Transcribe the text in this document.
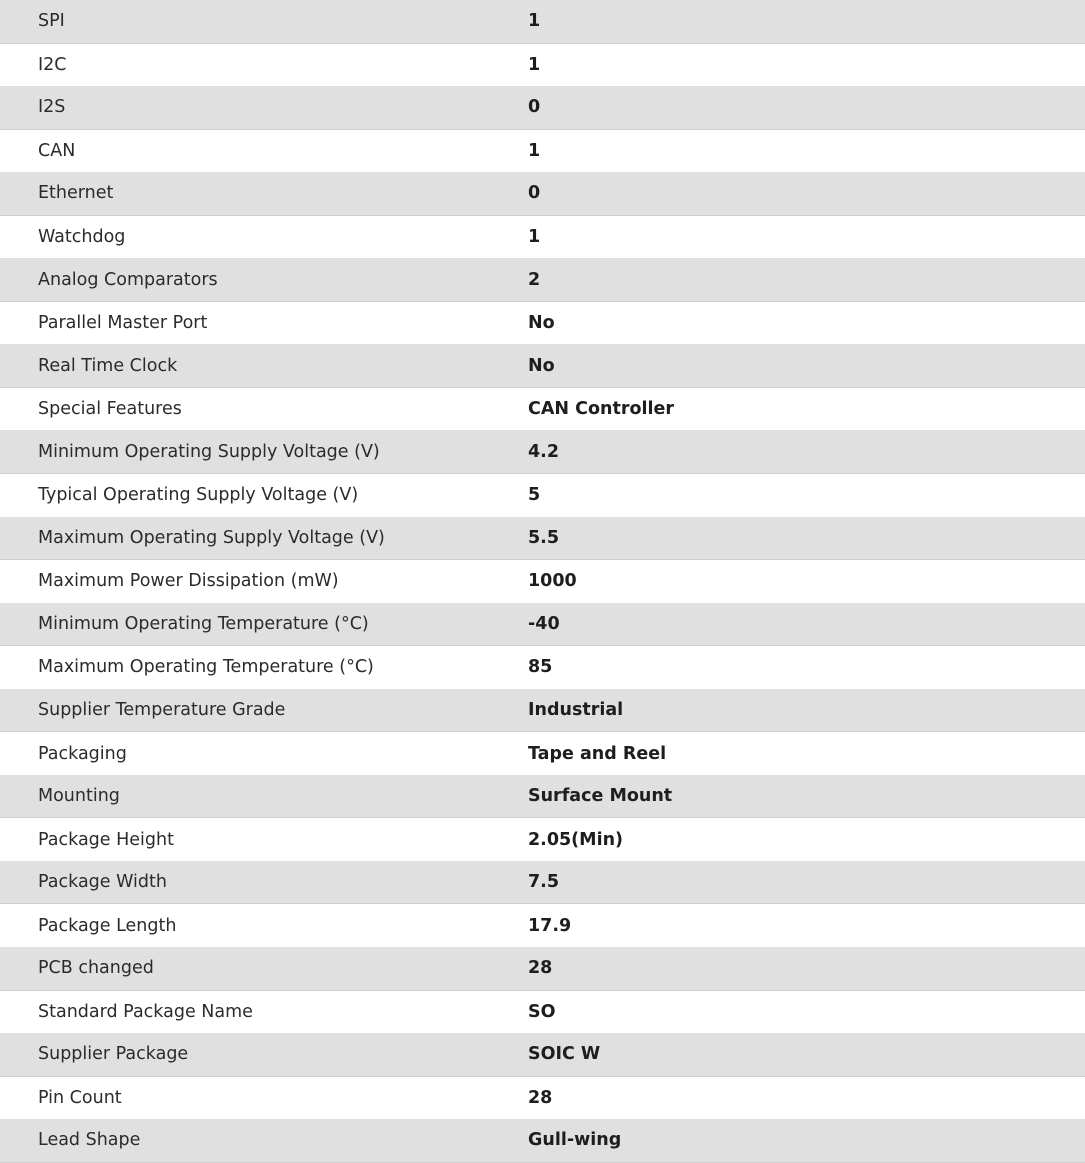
SPI	1
I2C	1
I2S	0
CAN	1
Ethernet	0
Watchdog	1
Analog Comparators	2
Parallel Master Port	No
Real Time Clock	No
Special Features	CAN Controller
Minimum Operating Supply Voltage (V)	4.2
Typical Operating Supply Voltage (V)	5
Maximum Operating Supply Voltage (V)	5.5
Maximum Power Dissipation (mW)	1000
Minimum Operating Temperature (°C)	-40
Maximum Operating Temperature (°C)	85
Supplier Temperature Grade	Industrial
Packaging	Tape and Reel
Mounting	Surface Mount
Package Height	2.05(Min)
Package Width	7.5
Package Length	17.9
PCB changed	28
Standard Package Name	SO
Supplier Package	SOIC W
Pin Count	28
Lead Shape	Gull-wing
